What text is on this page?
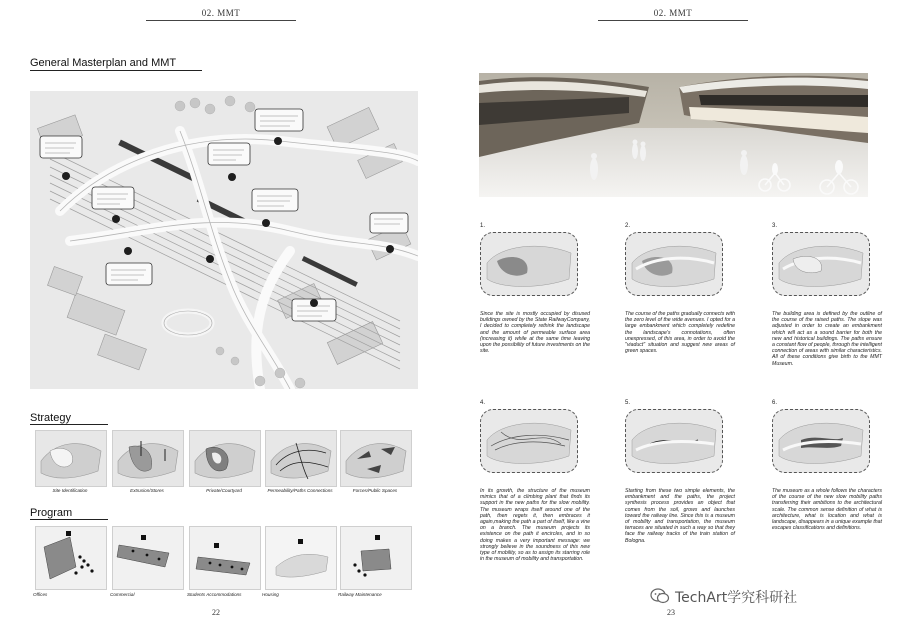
02. MMT
General Masterplan and MMT
Strategy
Site Identification	Extrusion/Stores	Private/Courtyard	Permeability/Paths Connections	Forces/Public Spaces
Program
Offices	Commercial	Students Accommodations	Housing	Railway Maintenance
22
02. MMT
1.
Since the site is mostly occupied by disused buildings owned by the State RailwayCompany, I decided to completely rethink the landscape and the amount of permeable surface area (increasing it) while at the same time leaving upon the possibility of future investments on the site.
2.
The course of the paths gradually connects with the zero level of the wide avenues. I opted for a large embankment which completely redefine the landscape's connotations, often unexpressed, of this area, in order to avoid the "viaduct" situation and suggest new areas of green spaces.
3.
The building area is defined by the outline of the course of the raised paths. The slope was adjusted in order to create an embankment which will act as a sound barrier for both the new and historical buildings. The paths ensure a constant flow of people, through the intelligent connection of areas with similar characteristics. All of these conditions give birth to the MMT Museum.
4.
In its growth, the structure of the museum mimics that of a climbing plant that finds its support in the new paths for the slow mobility. The museum wraps itself around one of the path, then regets it, then embraces it again,making the path a part of itself, like a vine on a branch. The museum projects its existence on the path it encircles, and in so doing makes a very important message: we strongly believe in the soundness of this new type of mobility, so as to assign its starring role in the museum of mobility and transportation.
5.
Starting from these two simple elements, the embankment and the paths, the project synthesis process provides an object that comes from the soil, grows and launches toward the railway line. Since this is a museum of mobility and transportation, the museum terraces are situated in such a way so that they face the railway tracks of the train station of Bologna.
6.
The museum as a whole follows the characters of the course of the new slow mobility paths transferring their ambitions to the architectural scale. The common sense definition of what is architecture, what is location and what is landscape, disappears in a unique example that escapes classifications and definitions.
23
TechArt学究科研社
